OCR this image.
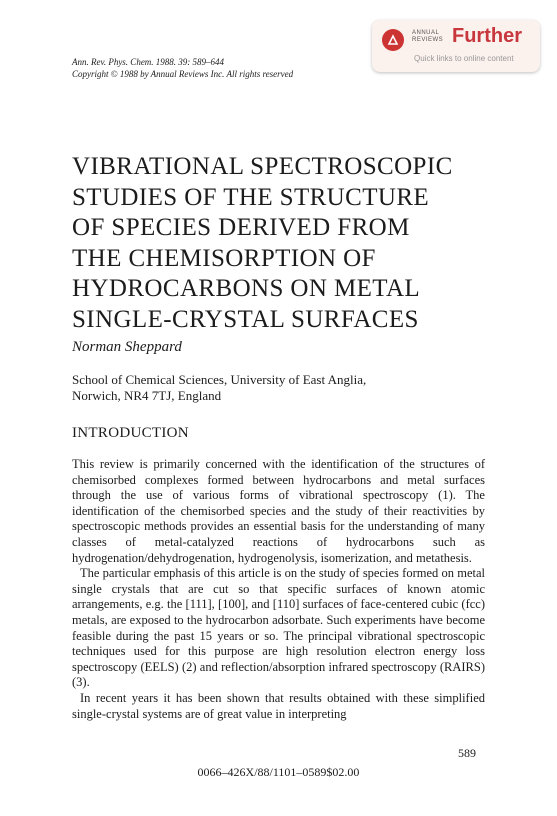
Ann. Rev. Phys. Chem. 1988. 39: 589–644
Copyright © 1988 by Annual Reviews Inc. All rights reserved
ANNUAL
REVIEWS Further
Quick links to online content
VIBRATIONAL SPECTROSCOPIC
STUDIES OF THE STRUCTURE
OF SPECIES DERIVED FROM
THE CHEMISORPTION OF
HYDROCARBONS ON METAL
SINGLE-CRYSTAL SURFACES
Norman Sheppard
School of Chemical Sciences, University of East Anglia,
Norwich, NR4 7TJ, England
INTRODUCTION

This review is primarily concerned with the identification of the structures of chemisorbed complexes formed between hydrocarbons and metal surfaces through the use of various forms of vibrational spectroscopy (1). The identification of the chemisorbed species and the study of their reactivities by spectroscopic methods provides an essential basis for the understanding of many classes of metal-catalyzed reactions of hydrocarbons such as hydrogenation/dehydrogenation, hydrogenolysis, isomerization, and metathesis.

The particular emphasis of this article is on the study of species formed on metal single crystals that are cut so that specific surfaces of known atomic arrangements, e.g. the [111], [100], and [110] surfaces of face-centered cubic (fcc) metals, are exposed to the hydrocarbon adsorbate. Such experiments have become feasible during the past 15 years or so. The principal vibrational spectroscopic techniques used for this purpose are high resolution electron energy loss spectroscopy (EELS) (2) and reflection/absorption infrared spectroscopy (RAIRS) (3).

In recent years it has been shown that results obtained with these simplified single-crystal systems are of great value in interpreting

589
0066–426X/88/1101–0589$02.00
